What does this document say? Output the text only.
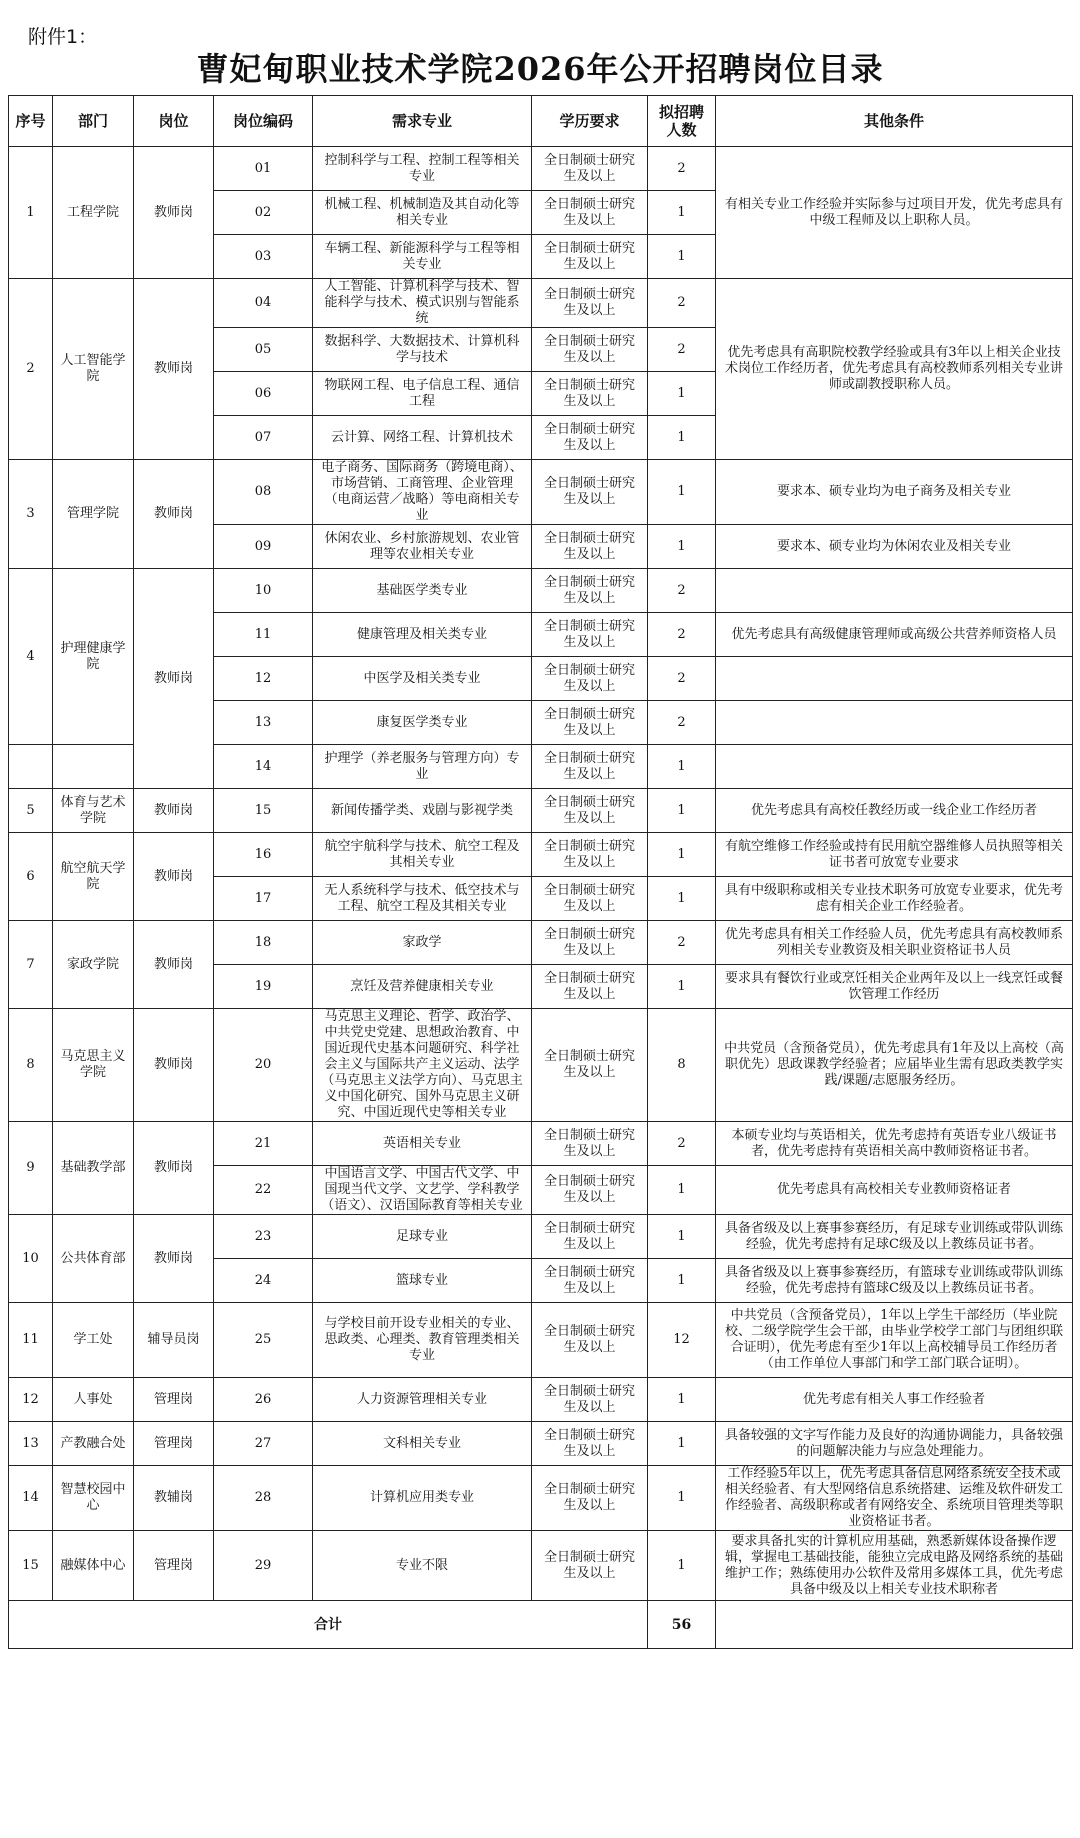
附件1：
曹妃甸职业技术学院2026年公开招聘岗位目录
序号	部门	岗位	岗位编码	需求专业	学历要求	拟招聘人数	其他条件
1	工程学院	教师岗	01	控制科学与工程、控制工程等相关专业	全日制硕士研究生及以上	2	有相关专业工作经验并实际参与过项目开发，优先考虑具有中级工程师及以上职称人员。
			02	机械工程、机械制造及其自动化等相关专业	全日制硕士研究生及以上	1	
			03	车辆工程、新能源科学与工程等相关专业	全日制硕士研究生及以上	1	
2	人工智能学院	教师岗	04	人工智能、计算机科学与技术、智能科学与技术、模式识别与智能系统	全日制硕士研究生及以上	2	优先考虑具有高职院校教学经验或具有3年以上相关企业技术岗位工作经历者，优先考虑具有高校教师系列相关专业讲师或副教授职称人员。
			05	数据科学、大数据技术、计算机科学与技术	全日制硕士研究生及以上	2	
			06	物联网工程、电子信息工程、通信工程	全日制硕士研究生及以上	1	
			07	云计算、网络工程、计算机技术	全日制硕士研究生及以上	1	
3	管理学院	教师岗	08	电子商务、国际商务（跨境电商）、市场营销、工商管理、企业管理（电商运营／战略）等电商相关专业	全日制硕士研究生及以上	1	要求本、硕专业均为电子商务及相关专业
			09	休闲农业、乡村旅游规划、农业管理等农业相关专业	全日制硕士研究生及以上	1	要求本、硕专业均为休闲农业及相关专业
4	护理健康学院	教师岗	10	基础医学类专业	全日制硕士研究生及以上	2	
			11	健康管理及相关类专业	全日制硕士研究生及以上	2	优先考虑具有高级健康管理师或高级公共营养师资格人员
			12	中医学及相关类专业	全日制硕士研究生及以上	2	
			13	康复医学类专业	全日制硕士研究生及以上	2	
			14	护理学（养老服务与管理方向）专业	全日制硕士研究生及以上	1	
5	体育与艺术学院	教师岗	15	新闻传播学类、戏剧与影视学类	全日制硕士研究生及以上	1	优先考虑具有高校任教经历或一线企业工作经历者
6	航空航天学院	教师岗	16	航空宇航科学与技术、航空工程及其相关专业	全日制硕士研究生及以上	1	有航空维修工作经验或持有民用航空器维修人员执照等相关证书者可放宽专业要求
			17	无人系统科学与技术、低空技术与工程、航空工程及其相关专业	全日制硕士研究生及以上	1	具有中级职称或相关专业技术职务可放宽专业要求，优先考虑有相关企业工作经验者。
7	家政学院	教师岗	18	家政学	全日制硕士研究生及以上	2	优先考虑具有相关工作经验人员，优先考虑具有高校教师系列相关专业教资及相关职业资格证书人员
			19	烹饪及营养健康相关专业	全日制硕士研究生及以上	1	要求具有餐饮行业或烹饪相关企业两年及以上一线烹饪或餐饮管理工作经历
8	马克思主义学院	教师岗	20	马克思主义理论、哲学、政治学、中共党史党建、思想政治教育、中国近现代史基本问题研究、科学社会主义与国际共产主义运动、法学（马克思主义法学方向）、马克思主义中国化研究、国外马克思主义研究、中国近现代史等相关专业	全日制硕士研究生及以上	8	中共党员（含预备党员），优先考虑具有1年及以上高校（高职优先）思政课教学经验者；应届毕业生需有思政类教学实践/课题/志愿服务经历。
9	基础教学部	教师岗	21	英语相关专业	全日制硕士研究生及以上	2	本硕专业均与英语相关，优先考虑持有英语专业八级证书者，优先考虑持有英语相关高中教师资格证书者。
			22	中国语言文学、中国古代文学、中国现当代文学、文艺学、学科教学（语文）、汉语国际教育等相关专业	全日制硕士研究生及以上	1	优先考虑具有高校相关专业教师资格证者
10	公共体育部	教师岗	23	足球专业	全日制硕士研究生及以上	1	具备省级及以上赛事参赛经历，有足球专业训练或带队训练经验，优先考虑持有足球C级及以上教练员证书者。
			24	篮球专业	全日制硕士研究生及以上	1	具备省级及以上赛事参赛经历，有篮球专业训练或带队训练经验，优先考虑持有篮球C级及以上教练员证书者。
11	学工处	辅导员岗	25	与学校目前开设专业相关的专业、思政类、心理类、教育管理类相关专业	全日制硕士研究生及以上	12	中共党员（含预备党员），1年以上学生干部经历（毕业院校、二级学院学生会干部，由毕业学校学工部门与团组织联合证明），优先考虑有至少1年以上高校辅导员工作经历者（由工作单位人事部门和学工部门联合证明）。
12	人事处	管理岗	26	人力资源管理相关专业	全日制硕士研究生及以上	1	优先考虑有相关人事工作经验者
13	产教融合处	管理岗	27	文科相关专业	全日制硕士研究生及以上	1	具备较强的文字写作能力及良好的沟通协调能力，具备较强的问题解决能力与应急处理能力。
14	智慧校园中心	教辅岗	28	计算机应用类专业	全日制硕士研究生及以上	1	工作经验5年以上，优先考虑具备信息网络系统安全技术或相关经验者、有大型网络信息系统搭建、运维及软件研发工作经验者、高级职称或者有网络安全、系统项目管理类等职业资格证书者。
15	融媒体中心	管理岗	29	专业不限	全日制硕士研究生及以上	1	要求具备扎实的计算机应用基础，熟悉新媒体设备操作逻辑，掌握电工基础技能，能独立完成电路及网络系统的基础维护工作；熟练使用办公软件及常用多媒体工具，优先考虑具备中级及以上相关专业技术职称者
合计						56	
